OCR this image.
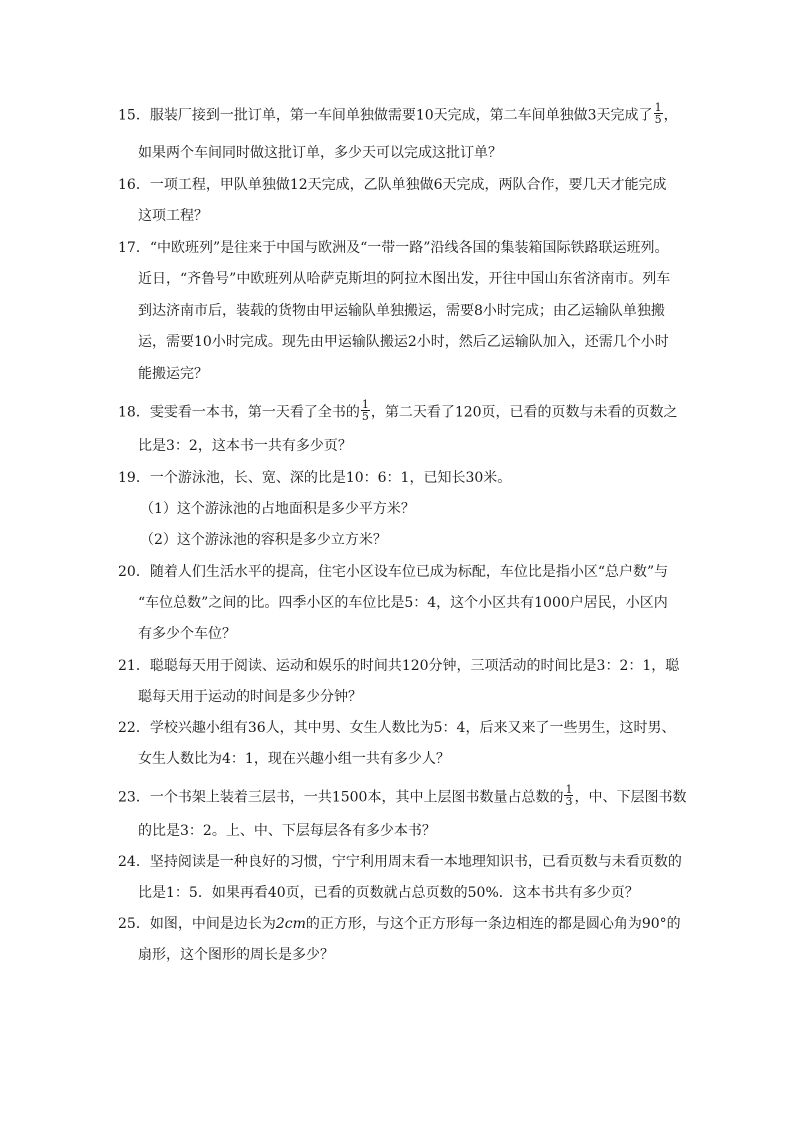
15．服装厂接到一批订单，第一车间单独做需要10天完成，第二车间单独做3天完成了 $\frac{1}{5}$ ，
如果两个车间同时做这批订单，多少天可以完成这批订单？
16．一项工程，甲队单独做12天完成，乙队单独做6天完成，两队合作，要几天才能完成
这项工程？
17．“中欧班列”是往来于中国与欧洲及“一带一路”沿线各国的集装箱国际铁路联运班列。
近日，“齐鲁号”中欧班列从哈萨克斯坦的阿拉木图出发，开往中国山东省济南市。列车
到达济南市后，装载的货物由甲运输队单独搬运，需要8小时完成；由乙运输队单独搬
运，需要10小时完成。现先由甲运输队搬运2小时，然后乙运输队加入，还需几个小时
能搬运完？
18．雯雯看一本书，第一天看了全书的 $\frac{1}{5}$ ，第二天看了120页，已看的页数与未看的页数之
比是3：2，这本书一共有多少页？
19．一个游泳池，长、宽、深的比是10：6：1，已知长30米。
（1）这个游泳池的占地面积是多少平方米？
（2）这个游泳池的容积是多少立方米？
20．随着人们生活水平的提高，住宅小区设车位已成为标配，车位比是指小区“总户数”与
“车位总数”之间的比。四季小区的车位比是5：4，这个小区共有1000户居民，小区内
有多少个车位？
21．聪聪每天用于阅读、运动和娱乐的时间共120分钟，三项活动的时间比是3：2：1，聪
聪每天用于运动的时间是多少分钟？
22．学校兴趣小组有36人，其中男、女生人数比为5：4，后来又来了一些男生，这时男、
女生人数比为4：1，现在兴趣小组一共有多少人？
23．一个书架上装着三层书，一共1500本，其中上层图书数量占总数的 $\frac{1}{3}$ ，中、下层图书数
的比是3：2。上、中、下层每层各有多少本书？
24．坚持阅读是一种良好的习惯，宁宁利用周末看一本地理知识书，已看页数与未看页数的
比是1：5．如果再看40页，已看的页数就占总页数的50%．这本书共有多少页？
25．如图，中间是边长为2cm的正方形，与这个正方形每一条边相连的都是圆心角为90°的
扇形，这个图形的周长是多少？
